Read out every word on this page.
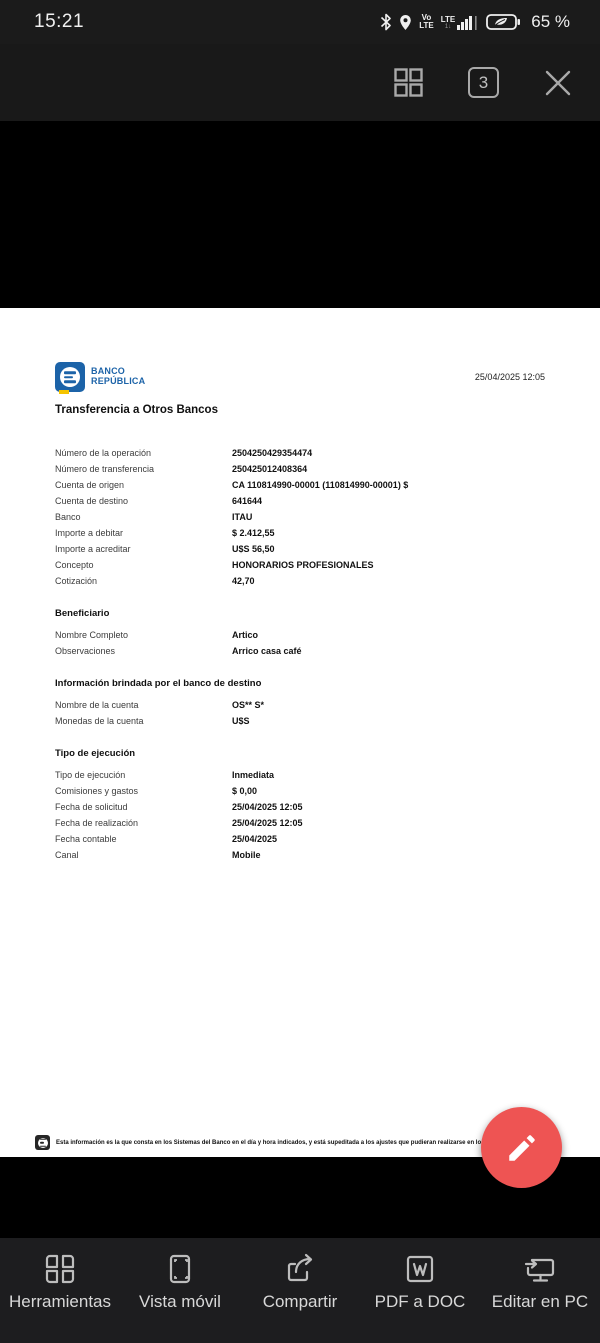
15:21	Vo
LTE
LTE
1↓	65 %
3
BANCO
REPÚBLICA	25/04/2025 12:05
Transferencia a Otros Bancos
Número de la operación	2504250429354474
Número de transferencia	250425012408364
Cuenta de origen	CA 110814990-00001 (110814990-00001) $
Cuenta de destino	641644
Banco	ITAU
Importe a debitar	$ 2.412,55
Importe a acreditar	U$S 56,50
Concepto	HONORARIOS PROFESIONALES
Cotización	42,70
Beneficiario
Nombre Completo	Artico
Observaciones	Arrico casa café
Información brindada por el banco de destino
Nombre de la cuenta	OS** S*
Monedas de la cuenta	U$S
Tipo de ejecución
Tipo de ejecución	Inmediata
Comisiones y gastos	$ 0,00
Fecha de solicitud	25/04/2025 12:05
Fecha de realización	25/04/2025 12:05
Fecha contable	25/04/2025
Canal	Mobile
Esta información es la que consta en los Sistemas del Banco en el día y hora indicados, y está supeditada a los ajustes que pudieran realizarse en lo
Herramientas Vista móvil Compartir PDF a DOC Editar en PC
